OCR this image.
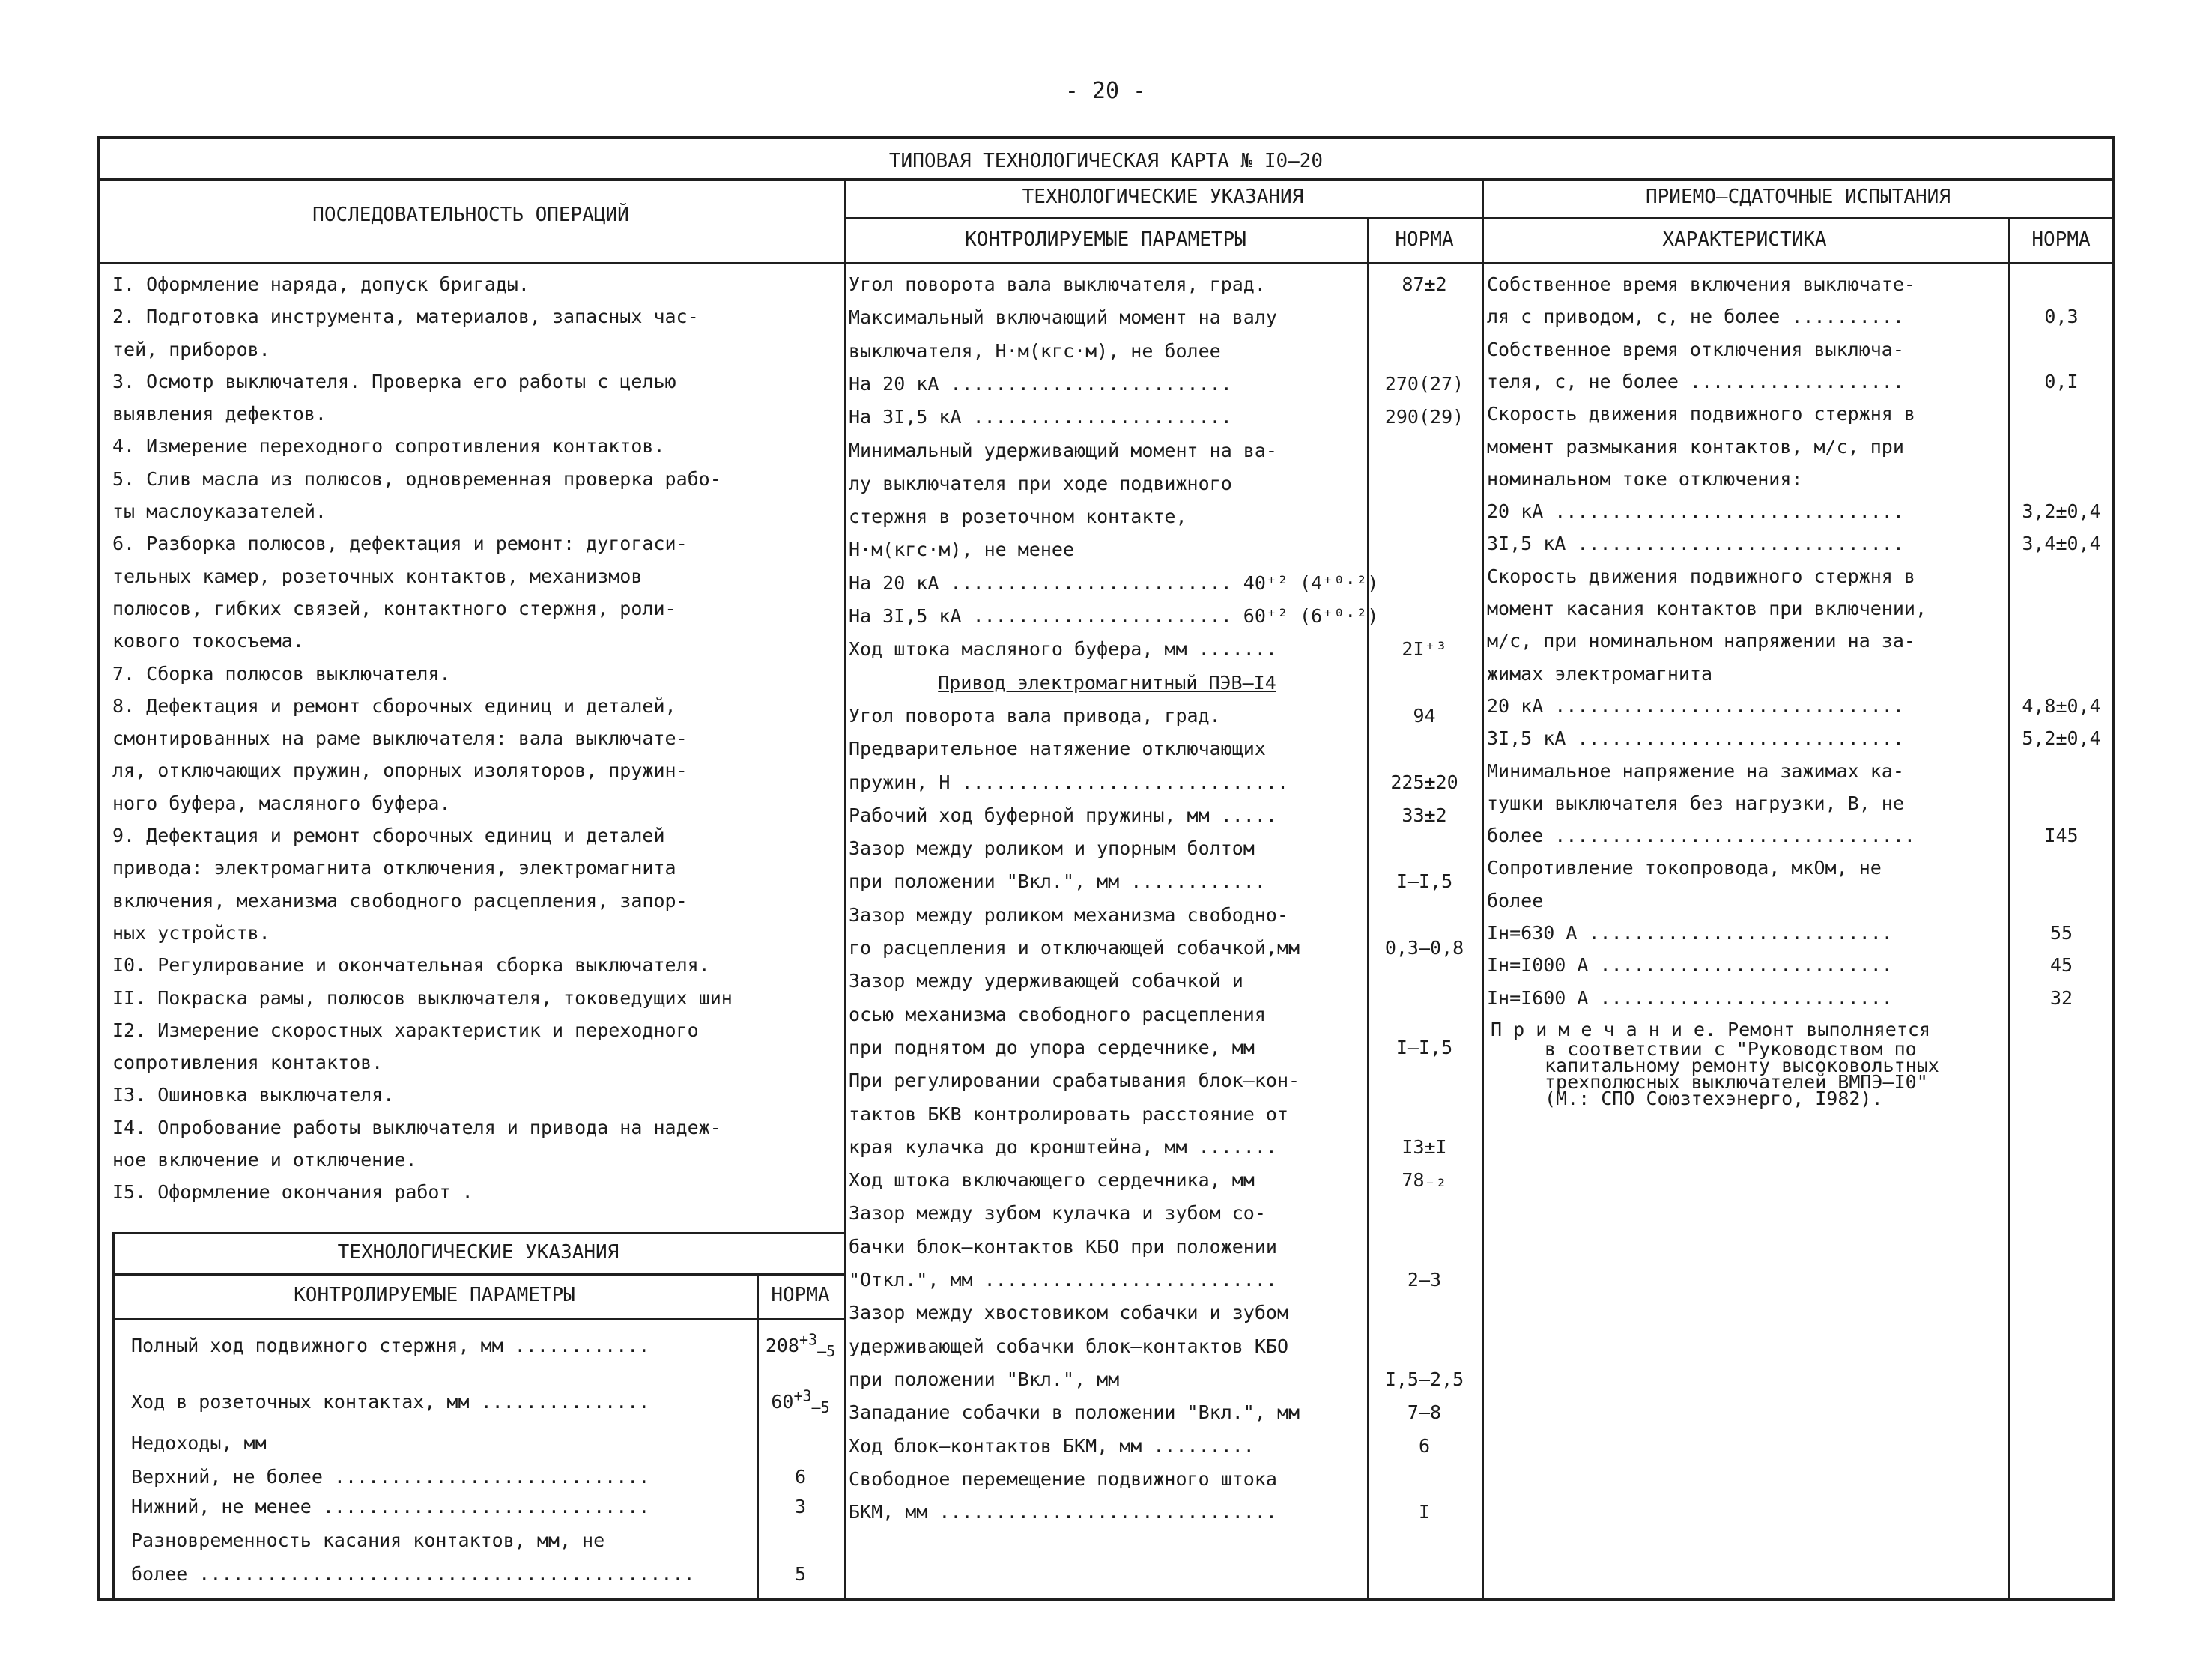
- 20 -
ТИПОВАЯ ТЕХНОЛОГИЧЕСКАЯ КАРТА № I0–20
ПОСЛЕДОВАТЕЛЬНОСТЬ ОПЕРАЦИЙ
ТЕХНОЛОГИЧЕСКИЕ УКАЗАНИЯ	ПРИЕМО–СДАТОЧНЫЕ ИСПЫТАНИЯ
КОНТРОЛИРУЕМЫЕ ПАРАМЕТРЫ	НОРМА	ХАРАКТЕРИСТИКА	НОРМА
I. Оформление наряда, допуск бригады.
2. Подготовка инструмента, материалов, запасных час-
тей, приборов.
3. Осмотр выключателя. Проверка его работы с целью
выявления дефектов.
4. Измерение переходного сопротивления контактов.
5. Слив масла из полюсов, одновременная проверка рабо-
ты маслоуказателей.
6. Разборка полюсов, дефектация и ремонт: дугогаси-
тельных камер, розеточных контактов, механизмов
полюсов, гибких связей, контактного стержня, роли-
кового токосъема.
7. Сборка полюсов выключателя.
8. Дефектация и ремонт сборочных единиц и деталей,
смонтированных на раме выключателя: вала выключате-
ля, отключающих пружин, опорных изоляторов, пружин-
ного буфера, масляного буфера.
9. Дефектация и ремонт сборочных единиц и деталей
привода: электромагнита отключения, электромагнита
включения, механизма свободного расцепления, запор-
ных устройств.
I0. Регулирование и окончательная сборка выключателя.
II. Покраска рамы, полюсов выключателя, токоведущих шин
I2. Измерение скоростных характеристик и переходного
сопротивления контактов.
I3. Ошиновка выключателя.
I4. Опробование работы выключателя и привода на надеж-
ное включение и отключение.
I5. Оформление окончания работ .
ТЕХНОЛОГИЧЕСКИЕ УКАЗАНИЯ
КОНТРОЛИРУЕМЫЕ ПАРАМЕТРЫ	НОРМА
Полный ход подвижного стержня, мм ............	$208^{+3}_{-5}$
Ход в розеточных контактах, мм ...............	$60^{+3}_{-5}$
Недоходы, мм
Верхний, не более ............................	6
Нижний, не менее .............................	3
Разновременность касания контактов, мм, не
более ............................................	5
Угол поворота вала выключателя, град.	87±2
Максимальный включающий момент на валу
выключателя, Н·м(кгс·м), не более
На 20 кА .........................	270(27)
На 3I,5 кА .......................	290(29)
Минимальный удерживающий момент на ва-
лу выключателя при ходе подвижного
стержня в розеточном контакте,
Н·м(кгс·м), не менее
На 20 кА ......................... 40⁺² (4⁺⁰·²)
На 3I,5 кА ....................... 60⁺² (6⁺⁰·²)
Ход штока масляного буфера, мм .......	2I⁺³
Привод электромагнитный ПЭВ–I4
Угол поворота вала привода, град.	94
Предварительное натяжение отключающих
пружин, Н .............................	225±20
Рабочий ход буферной пружины, мм .....	33±2
Зазор между роликом и упорным болтом
при положении "Вкл.", мм ............	I–I,5
Зазор между роликом механизма свободно-
го расцепления и отключающей собачкой,мм	0,3–0,8
Зазор между удерживающей собачкой и
осью механизма свободного расцепления
при поднятом до упора сердечнике, мм	I–I,5
При регулировании срабатывания блок–кон-
тактов БКВ контролировать расстояние от
края кулачка до кронштейна, мм .......	I3±I
Ход штока включающего сердечника, мм	78₋₂
Зазор между зубом кулачка и зубом со-
бачки блок–контактов КБО при положении
"Откл.", мм ..........................	2–3
Зазор между хвостовиком собачки и зубом
удерживающей собачки блок–контактов КБО
при положении "Вкл.", мм	I,5–2,5
Западание собачки в положении "Вкл.", мм	7–8
Ход блок–контактов БКМ, мм .........	6
Свободное перемещение подвижного штока
БКМ, мм ..............................	I
Собственное время включения выключате-
ля с приводом, с, не более ..........	0,3
Собственное время отключения выключа-
теля, с, не более ...................	0,I
Скорость движения подвижного стержня в
момент размыкания контактов, м/с, при
номинальном токе отключения:
20 кА ...............................	3,2±0,4
3I,5 кА .............................	3,4±0,4
Скорость движения подвижного стержня в
момент касания контактов при включении,
м/с, при номинальном напряжении на за-
жимах электромагнита
20 кА ...............................	4,8±0,4
3I,5 кА .............................	5,2±0,4
Минимальное напряжение на зажимах ка-
тушки выключателя без нагрузки, В, не
более ................................	I45
Сопротивление токопровода, мкОм, не
более
Iн=630 А ...........................	55
Iн=I000 А ..........................	45
Iн=I600 А ..........................	32
П р и м е ч а н и е. Ремонт выполняется
в соответствии с "Руководством по
капитальному ремонту высоковольтных
трехполюсных выключателей ВМПЭ–I0"
(М.: СПО Союзтехэнерго, I982).
